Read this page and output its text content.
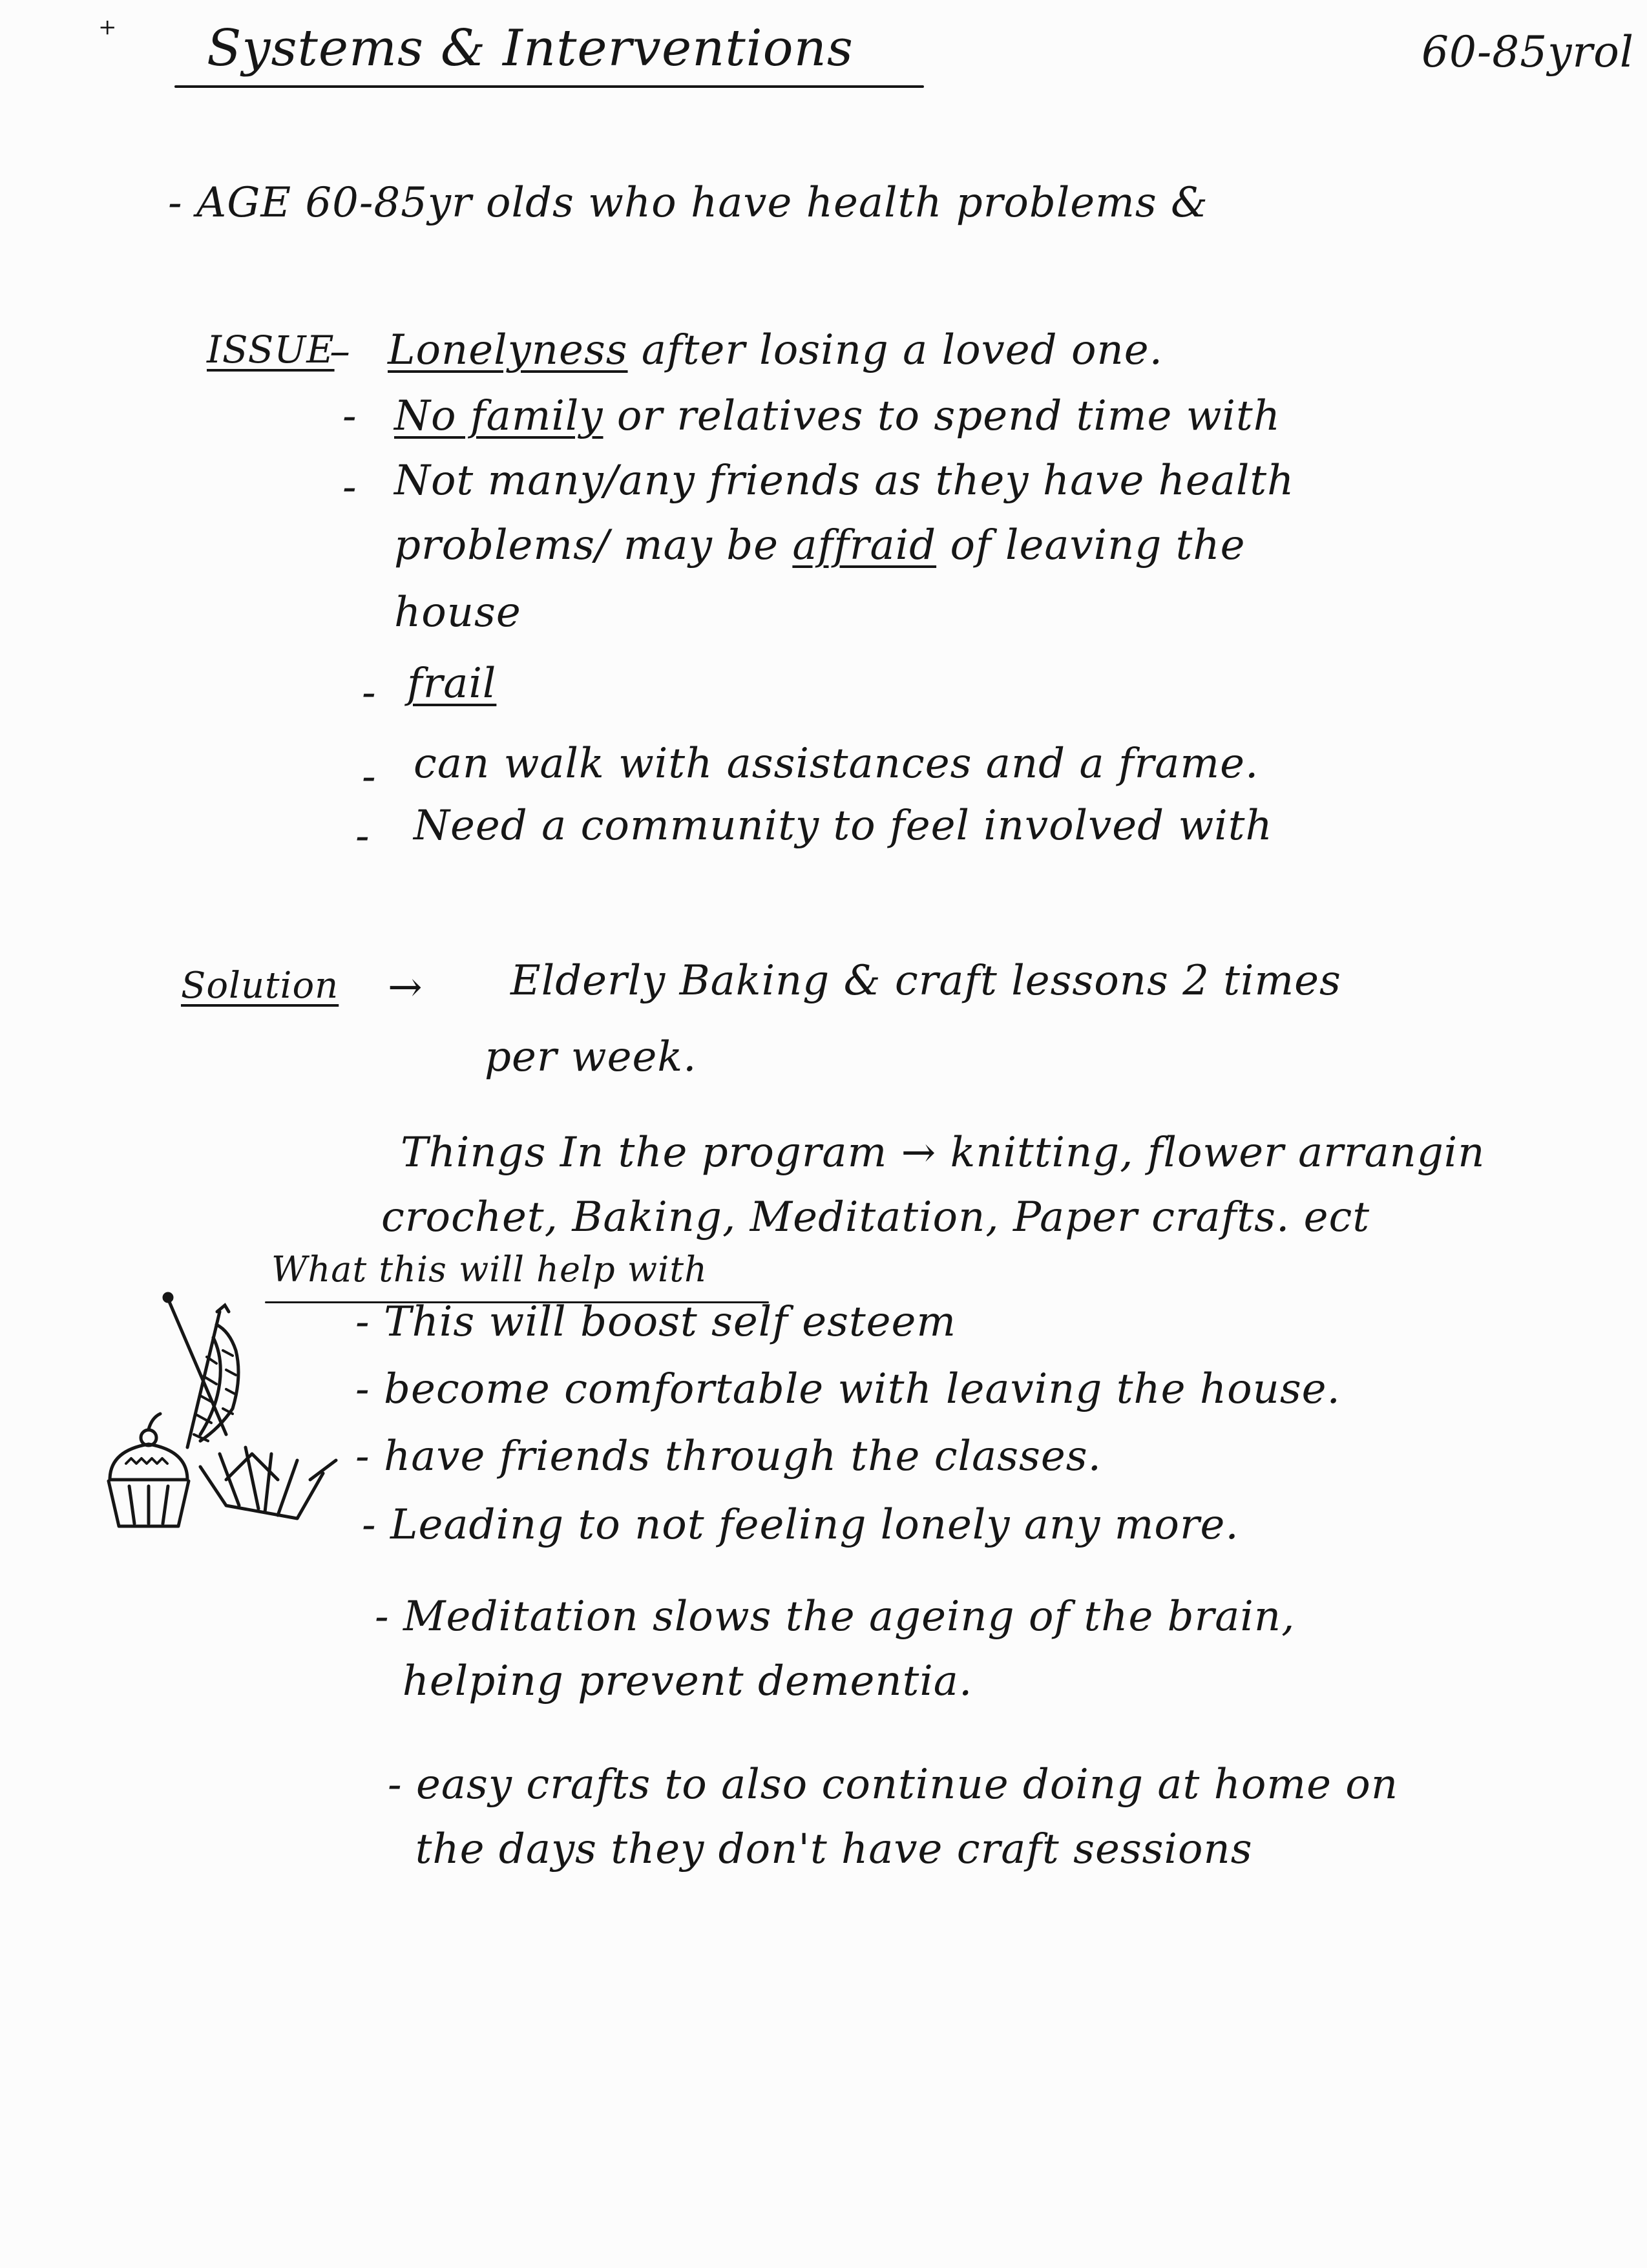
+ Systems & Interventions	60-85yrol
- AGE 60-85yr olds who have health problems &
ISSUE
– Lonelyness after losing a loved one.
- No family or relatives to spend time with
- Not many/any friends as they have health
problems/ may be affraid of leaving the
house
- frail
- can walk with assistances and a frame.
- Need a community to feel involved with
Solution → Elderly Baking & craft lessons 2 times
per week.
Things In the program → knitting, flower arrangin
crochet, Baking, Meditation, Paper crafts. ect
What this will help with
- This will boost self esteem
- become comfortable with leaving the house.
- have friends through the classes.
- Leading to not feeling lonely any more.
- Meditation slows the ageing of the brain,
helping prevent dementia.
- easy crafts to also continue doing at home on
the days they don't have craft sessions
